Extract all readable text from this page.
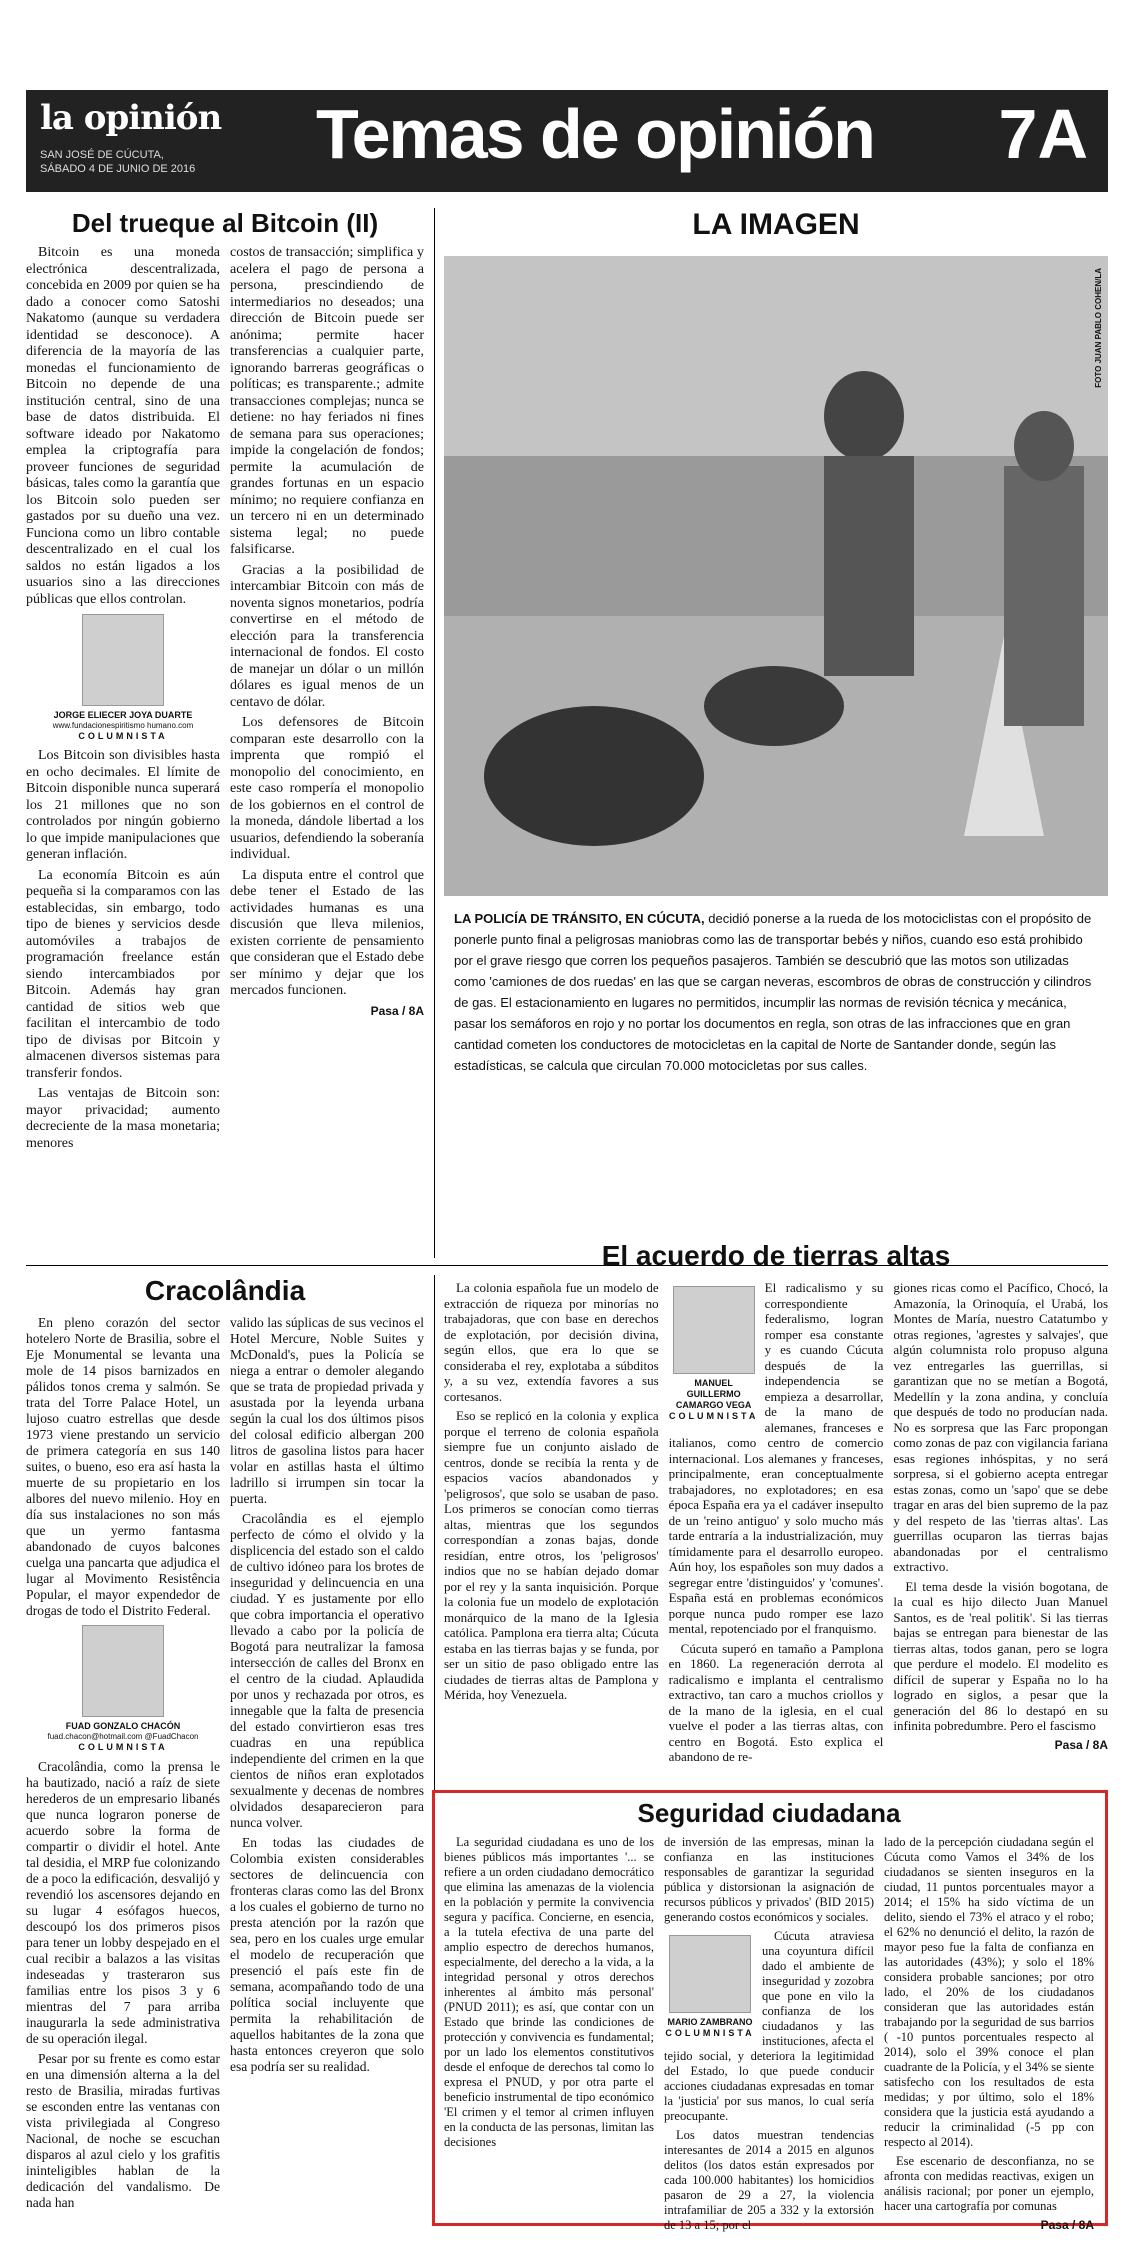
la opinión
SAN JOSÉ DE CÚCUTA,
SÁBADO 4 DE JUNIO DE 2016 Temas de opinión 7A
Del trueque al Bitcoin (II)

Bitcoin es una moneda electrónica descentralizada, concebida en 2009 por quien se ha dado a conocer como Satoshi Nakatomo (aunque su verdadera identidad se desconoce). A diferencia de la mayoría de las monedas el funcionamiento de Bitcoin no depende de una institución central, sino de una base de datos distribuida. El software ideado por Nakatomo emplea la criptografía para proveer funciones de seguridad básicas, tales como la garantía que los Bitcoin solo pueden ser gastados por su dueño una vez. Funciona como un libro contable descentralizado en el cual los saldos no están ligados a los usuarios sino a las direcciones públicas que ellos controlan.

JORGE ELIECER JOYA DUARTE
www.fundacionespiritismo humano.com
COLUMNISTA

Los Bitcoin son divisibles hasta en ocho decimales. El límite de Bitcoin disponible nunca superará los 21 millones que no son controlados por ningún gobierno lo que impide manipulaciones que generan inflación.

La economía Bitcoin es aún pequeña si la comparamos con las establecidas, sin embargo, todo tipo de bienes y servicios desde automóviles a trabajos de programación freelance están siendo intercambiados por Bitcoin. Además hay gran cantidad de sitios web que facilitan el intercambio de todo tipo de divisas por Bitcoin y almacenen diversos sistemas para transferir fondos.

Las ventajas de Bitcoin son: mayor privacidad; aumento decreciente de la masa monetaria; menores

costos de transacción; simplifica y acelera el pago de persona a persona, prescindiendo de intermediarios no deseados; una dirección de Bitcoin puede ser anónima; permite hacer transferencias a cualquier parte, ignorando barreras geográficas o políticas; es transparente.; admite transacciones complejas; nunca se detiene: no hay feriados ni fines de semana para sus operaciones; impide la congelación de fondos; permite la acumulación de grandes fortunas en un espacio mínimo; no requiere confianza en un tercero ni en un determinado sistema legal; no puede falsificarse.

Gracias a la posibilidad de intercambiar Bitcoin con más de noventa signos monetarios, podría convertirse en el método de elección para la transferencia internacional de fondos. El costo de manejar un dólar o un millón dólares es igual menos de un centavo de dólar.

Los defensores de Bitcoin comparan este desarrollo con la imprenta que rompió el monopolio del conocimiento, en este caso rompería el monopolio de los gobiernos en el control de la moneda, dándole libertad a los usuarios, defendiendo la soberanía individual.

La disputa entre el control que debe tener el Estado de las actividades humanas es una discusión que lleva milenios, existen corriente de pensamiento que consideran que el Estado debe ser mínimo y dejar que los mercados funcionen.

Pasa / 8A
LA IMAGEN
FOTO JUAN PABLO COHEN/LA
LA POLICÍA DE TRÁNSITO, EN CÚCUTA, decidió ponerse a la rueda de los motociclistas con el propósito de ponerle punto final a peligrosas maniobras como las de transportar bebés y niños, cuando eso está prohibido por el grave riesgo que corren los pequeños pasajeros. También se descubrió que las motos son utilizadas como 'camiones de dos ruedas' en las que se cargan neveras, escombros de obras de construcción y cilindros de gas. El estacionamiento en lugares no permitidos, incumplir las normas de revisión técnica y mecánica, pasar los semáforos en rojo y no portar los documentos en regla, son otras de las infracciones que en gran cantidad cometen los conductores de motocicletas en la capital de Norte de Santander donde, según las estadísticas, se calcula que circulan 70.000 motocicletas por sus calles.
Cracolândia

En pleno corazón del sector hotelero Norte de Brasilia, sobre el Eje Monumental se levanta una mole de 14 pisos barnizados en pálidos tonos crema y salmón. Se trata del Torre Palace Hotel, un lujoso cuatro estrellas que desde 1973 viene prestando un servicio de primera categoría en sus 140 suites, o bueno, eso era así hasta la muerte de su propietario en los albores del nuevo milenio. Hoy en día sus instalaciones no son más que un yermo fantasma abandonado de cuyos balcones cuelga una pancarta que adjudica el lugar al Movimento Resistência Popular, el mayor expendedor de drogas de todo el Distrito Federal.

FUAD GONZALO CHACÓN
fuad.chacon@hotmail.com @FuadChacon
COLUMNISTA

Cracolândia, como la prensa le ha bautizado, nació a raíz de siete herederos de un empresario libanés que nunca lograron ponerse de acuerdo sobre la forma de compartir o dividir el hotel. Ante tal desidia, el MRP fue colonizando de a poco la edificación, desvalijó y revendió los ascensores dejando en su lugar 4 esófagos huecos, descoupó los dos primeros pisos para tener un lobby despejado en el cual recibir a balazos a las visitas indeseadas y trasteraron sus familias entre los pisos 3 y 6 mientras del 7 para arriba inaugurarla la sede administrativa de su operación ilegal.

Pesar por su frente es como estar en una dimensión alterna a la del resto de Brasilia, miradas furtivas se esconden entre las ventanas con vista privilegiada al Congreso Nacional, de noche se escuchan disparos al azul cielo y los grafitis ininteligibles hablan de la dedicación del vandalismo. De nada han

valido las súplicas de sus vecinos el Hotel Mercure, Noble Suites y McDonald's, pues la Policía se niega a entrar o demoler alegando que se trata de propiedad privada y asustada por la leyenda urbana según la cual los dos últimos pisos del colosal edificio albergan 200 litros de gasolina listos para hacer volar en astillas hasta el último ladrillo si irrumpen sin tocar la puerta.

Cracolândia es el ejemplo perfecto de cómo el olvido y la displicencia del estado son el caldo de cultivo idóneo para los brotes de inseguridad y delincuencia en una ciudad. Y es justamente por ello que cobra importancia el operativo llevado a cabo por la policía de Bogotá para neutralizar la famosa intersección de calles del Bronx en el centro de la ciudad. Aplaudida por unos y rechazada por otros, es innegable que la falta de presencia del estado convirtieron esas tres cuadras en una república independiente del crimen en la que cientos de niños eran explotados sexualmente y decenas de nombres olvidados desaparecieron para nunca volver.

En todas las ciudades de Colombia existen considerables sectores de delincuencia con fronteras claras como las del Bronx a los cuales el gobierno de turno no presta atención por la razón que sea, pero en los cuales urge emular el modelo de recuperación que presenció el país este fin de semana, acompañando todo de una política social incluyente que permita la rehabilitación de aquellos habitantes de la zona que hasta entonces creyeron que solo esa podría ser su realidad.

El acuerdo de tierras altas

La colonia española fue un modelo de extracción de riqueza por minorías no trabajadoras, que con base en derechos de explotación, por decisión divina, según ellos, que era lo que se consideraba el rey, explotaba a súbditos y, a su vez, extendía favores a sus cortesanos.

Eso se replicó en la colonia y explica porque el terreno de colonia española siempre fue un conjunto aislado de centros, donde se recibía la renta y de espacios vacíos abandonados y 'peligrosos', que solo se usaban de paso. Los primeros se conocían como tierras altas, mientras que los segundos correspondían a zonas bajas, donde residían, entre otros, los 'peligrosos' indios que no se habían dejado domar por el rey y la santa inquisición. Porque la colonia fue un modelo de explotación monárquico de la mano de la Iglesia católica. Pamplona era tierra alta; Cúcuta estaba en las tierras bajas y se funda, por ser un sitio de paso obligado entre las ciudades de tierras altas de Pamplona y Mérida, hoy Venezuela.

MANUEL GUILLERMO CAMARGO VEGA
COLUMNISTA

El radicalismo y su correspondiente federalismo, logran romper esa constante y es cuando Cúcuta después de la independencia se empieza a desarrollar, de la mano de alemanes, franceses e italianos, como centro de comercio internacional. Los alemanes y franceses, principalmente, eran conceptualmente trabajadores, no explotadores; en esa época España era ya el cadáver insepulto de un 'reino antiguo' y solo mucho más tarde entraría a la industrialización, muy tímidamente para el desarrollo europeo. Aún hoy, los españoles son muy dados a segregar entre 'distinguidos' y 'comunes'. España está en problemas económicos porque nunca pudo romper ese lazo mental, repotenciado por el franquismo.

Cúcuta superó en tamaño a Pamplona en 1860. La regeneración derrota al radicalismo e implanta el centralismo extractivo, tan caro a muchos criollos y de la mano de la iglesia, en el cual vuelve el poder a las tierras altas, con centro en Bogotá. Esto explica el abandono de re-

giones ricas como el Pacífico, Chocó, la Amazonía, la Orinoquía, el Urabá, los Montes de María, nuestro Catatumbo y otras regiones, 'agrestes y salvajes', que algún columnista rolo propuso alguna vez entregarles las guerrillas, si garantizan que no se metían a Bogotá, Medellín y la zona andina, y concluía que después de todo no producían nada. No es sorpresa que las Farc propongan como zonas de paz con vigilancia fariana esas regiones inhóspitas, y no será sorpresa, si el gobierno acepta entregar estas zonas, como un 'sapo' que se debe tragar en aras del bien supremo de la paz y del respeto de las 'tierras altas'. Las guerrillas ocuparon las tierras bajas abandonadas por el centralismo extractivo.

El tema desde la visión bogotana, de la cual es hijo dilecto Juan Manuel Santos, es de 'real politik'. Si las tierras bajas se entregan para bienestar de las tierras altas, todos ganan, pero se logra que perdure el modelo. El modelito es difícil de superar y España no lo ha logrado en siglos, a pesar que la generación del 86 lo destapó en su infinita pobredumbre. Pero el fascismo

Pasa / 8A
Seguridad ciudadana

La seguridad ciudadana es uno de los bienes públicos más importantes '... se refiere a un orden ciudadano democrático que elimina las amenazas de la violencia en la población y permite la convivencia segura y pacífica. Concierne, en esencia, a la tutela efectiva de una parte del amplio espectro de derechos humanos, especialmente, del derecho a la vida, a la integridad personal y otros derechos inherentes al ámbito más personal' (PNUD 2011); es así, que contar con un Estado que brinde las condiciones de protección y convivencia es fundamental; por un lado los elementos constitutivos desde el enfoque de derechos tal como lo expresa el PNUD, y por otra parte el beneficio instrumental de tipo económico 'El crimen y el temor al crimen influyen en la conducta de las personas, limitan las decisiones

de inversión de las empresas, minan la confianza en las instituciones responsables de garantizar la seguridad pública y distorsionan la asignación de recursos públicos y privados' (BID 2015) generando costos económicos y sociales.

MARIO ZAMBRANO
COLUMNISTA

Cúcuta atraviesa una coyuntura difícil dado el ambiente de inseguridad y zozobra que pone en vilo la confianza de los ciudadanos y las instituciones, afecta el tejido social, y deteriora la legitimidad del Estado, lo que puede conducir acciones ciudadanas expresadas en tomar la 'justicia' por sus manos, lo cual sería preocupante.

Los datos muestran tendencias interesantes de 2014 a 2015 en algunos delitos (los datos están expresados por cada 100.000 habitantes) los homicidios pasaron de 29 a 27, la violencia intrafamiliar de 205 a 332 y la extorsión de 13 a 15; por el

lado de la percepción ciudadana según el Cúcuta como Vamos el 34% de los ciudadanos se sienten inseguros en la ciudad, 11 puntos porcentuales mayor a 2014; el 15% ha sido víctima de un delito, siendo el 73% el atraco y el robo; el 62% no denunció el delito, la razón de mayor peso fue la falta de confianza en las autoridades (43%); y solo el 18% considera probable sanciones; por otro lado, el 20% de los ciudadanos consideran que las autoridades están trabajando por la seguridad de sus barrios ( -10 puntos porcentuales respecto al 2014), solo el 39% conoce el plan cuadrante de la Policía, y el 34% se siente satisfecho con los resultados de esta medidas; y por último, solo el 18% considera que la justicia está ayudando a reducir la criminalidad (-5 pp con respecto al 2014).

Ese escenario de desconfianza, no se afronta con medidas reactivas, exigen un análisis racional; por poner un ejemplo, hacer una cartografía por comunas

Pasa / 8A
